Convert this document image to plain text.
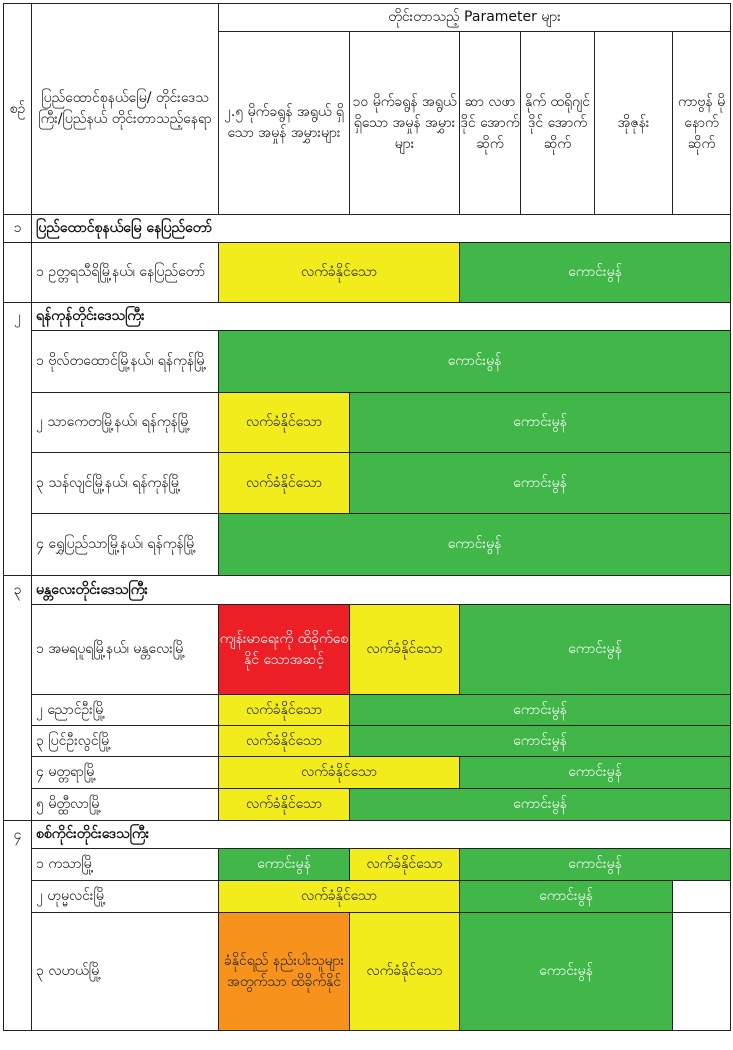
စဉ်	ပြည်ထောင်စုနယ်မြေ/ တိုင်းဒေသကြီး/ပြည်နယ် တိုင်းတာသည့်နေရာ	တိုင်းတာသည့် Parameter များ						
		၂.၅ မိုက်ခရွန် အရွယ် ရှိသော အမှုန် အမွှားများ	၁၀ မိုက်ခရွန် အရွယ် ရှိသော အမှုန် အမွှားများ	ဆာ လဖာ ဒိုင် အောက် ဆိုက်	နိုက် ထရိုဂျင် ဒိုင် အောက် ဆိုက်	အိုဇုန်း	ကာဗွန် မို နောက် ဆိုက်	
၁	ပြည်ထောင်စုနယ်မြေ နေပြည်တော်							
	၁ ဥတ္တရသီရိမြို့နယ်၊ နေပြည်တော်	လက်ခံနိုင်သော		ကောင်းမွန်				
၂	ရန်ကုန်တိုင်းဒေသကြီး							
	၁ ဗိုလ်တထောင်မြို့နယ်၊ ရန်ကုန်မြို့	ကောင်းမွန်						
	၂ သာကေတမြို့နယ်၊ ရန်ကုန်မြို့	လက်ခံနိုင်သော	ကောင်းမွန်					
	၃ သန်လျင်မြို့နယ်၊ ရန်ကုန်မြို့	လက်ခံနိုင်သော	ကောင်းမွန်					
	၄ ရွှေပြည်သာမြို့နယ်၊ ရန်ကုန်မြို့	ကောင်းမွန်						
၃	မန္တလေးတိုင်းဒေသကြီး							
	၁ အမရပူရမြို့နယ်၊ မန္တလေးမြို့	ကျန်းမာရေးကို ထိခိုက်စေနိုင် သောအဆင့်	လက်ခံနိုင်သော	ကောင်းမွန်				
	၂ ညောင်ဦးမြို့	လက်ခံနိုင်သော	ကောင်းမွန်					
	၃ ပြင်ဦးလွင်မြို့	လက်ခံနိုင်သော	ကောင်းမွန်					
	၄ မတ္တရာမြို့	လက်ခံနိုင်သော		ကောင်းမွန်				
	၅ မိတ္ထီလာမြို့	လက်ခံနိုင်သော	ကောင်းမွန်					
၄	စစ်ကိုင်းတိုင်းဒေသကြီး							
	၁ ကသာမြို့	ကောင်းမွန်	လက်ခံနိုင်သော	ကောင်းမွန်				
	၂ ဟုမ္မလင်းမြို့	လက်ခံနိုင်သော		ကောင်းမွန်				
	၃ လဟယ်မြို့	ခံနိုင်ရည် နည်းပါးသူများ အတွက်သာ ထိခိုက်နိုင်	လက်ခံနိုင်သော	ကောင်းမွန်				
